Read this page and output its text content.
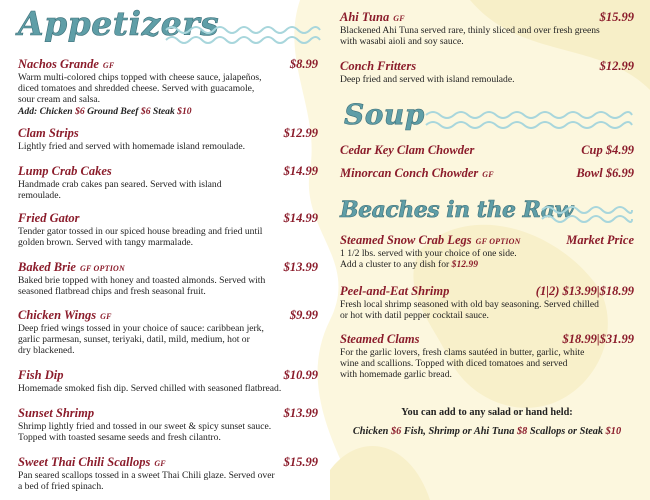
Appetizers
Nachos Grande GF	$8.99
Warm multi-colored chips topped with cheese sauce, jalapeños,
diced tomatoes and shredded cheese. Served with guacamole,
sour cream and salsa.
Add: Chicken $6 Ground Beef $6 Steak $10
Clam Strips	$12.99
Lightly fried and served with homemade island remoulade.
Lump Crab Cakes	$14.99
Handmade crab cakes pan seared. Served with island
remoulade.
Fried Gator	$14.99
Tender gator tossed in our spiced house breading and fried until
golden brown. Served with tangy marmalade.
Baked Brie GF OPTION	$13.99
Baked brie topped with honey and toasted almonds. Served with
seasoned flatbread chips and fresh seasonal fruit.
Chicken Wings GF	$9.99
Deep fried wings tossed in your choice of sauce: caribbean jerk,
garlic parmesan, sunset, teriyaki, datil, mild, medium, hot or
dry blackened.
Fish Dip	$10.99
Homemade smoked fish dip. Served chilled with seasoned flatbread.
Sunset Shrimp	$13.99
Shrimp lightly fried and tossed in our sweet & spicy sunset sauce.
Topped with toasted sesame seeds and fresh cilantro.
Sweet Thai Chili Scallops GF	$15.99
Pan seared scallops tossed in a sweet Thai Chili glaze. Served over
a bed of fried spinach.
Ahi Tuna GF	$15.99
Blackened Ahi Tuna served rare, thinly sliced and over fresh greens
with wasabi aioli and soy sauce.
Conch Fritters	$12.99
Deep fried and served with island remoulade.
Soup
Cedar Key Clam Chowder	Cup $4.99
Minorcan Conch Chowder GF	Bowl $6.99
Beaches in the Raw
Steamed Snow Crab Legs GF OPTION	Market Price
1 1/2 lbs. served with your choice of one side.
Add a cluster to any dish for $12.99
Peel-and-Eat Shrimp	(1|2) $13.99|$18.99
Fresh local shrimp seasoned with old bay seasoning. Served chilled
or hot with datil pepper cocktail sauce.
Steamed Clams	$18.99|$31.99
For the garlic lovers, fresh clams sautéed in butter, garlic, white
wine and scallions. Topped with diced tomatoes and served
with homemade garlic bread.
You can add to any salad or hand held:
Chicken $6 Fish, Shrimp or Ahi Tuna $8 Scallops or Steak $10
